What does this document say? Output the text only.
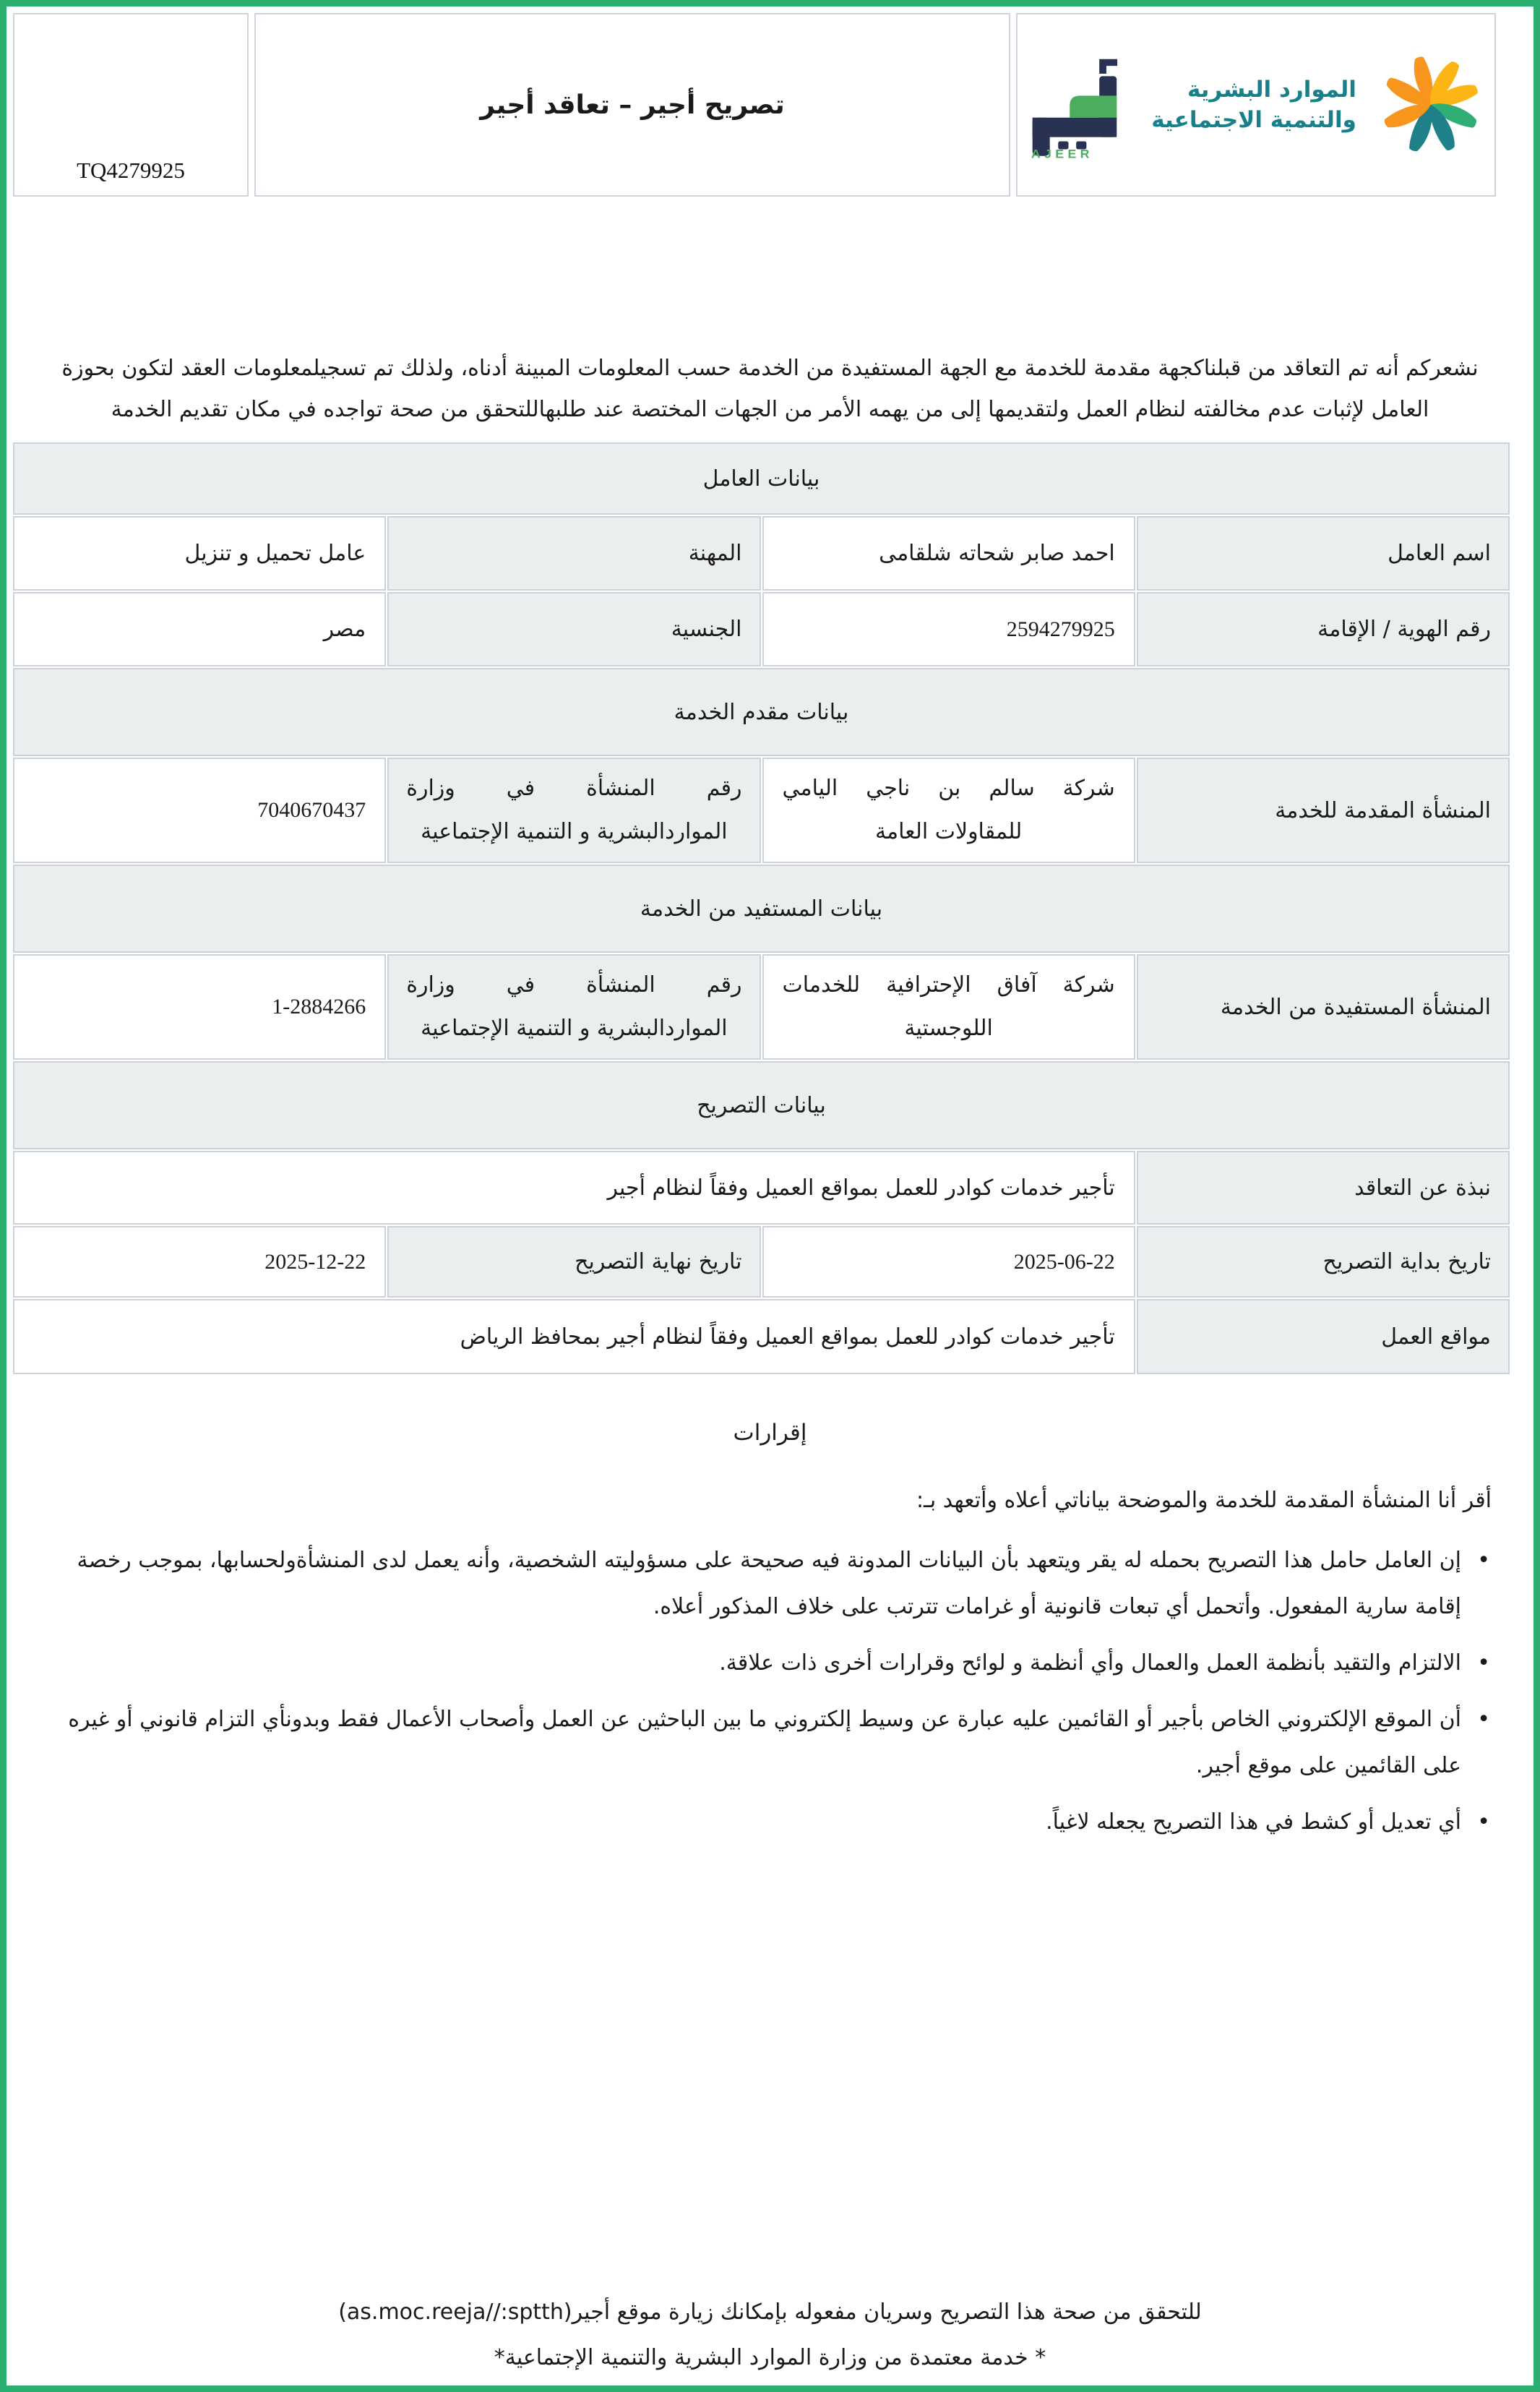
TQ4279925
تصريح أجير – تعاقد أجير
AJEER
الموارد البشرية
والتنمية الاجتماعية

نشعركم أنه تم التعاقد من قبلناكجهة مقدمة للخدمة مع الجهة المستفيدة من الخدمة حسب المعلومات المبينة أدناه، ولذلك تم تسجيلمعلومات العقد لتكون بحوزة العامل لإثبات عدم مخالفته لنظام العمل ولتقديمها إلى من يهمه الأمر من الجهات المختصة عند طلبهاللتحقق من صحة تواجده في مكان تقديم الخدمة

بيانات العامل			
اسم العامل	احمد صابر شحاته شلقامى	المهنة	عامل تحميل و تنزيل
رقم الهوية / الإقامة	2594279925	الجنسية	مصر
بيانات مقدم الخدمة			
المنشأة المقدمة للخدمة	شركة سالم بن ناجي اليامي للمقاولات العامة	رقم المنشأة في وزارة المواردالبشرية و التنمية الإجتماعية	7040670437
بيانات المستفيد من الخدمة			
المنشأة المستفيدة من الخدمة	شركة آفاق الإحترافية للخدمات اللوجستية	رقم المنشأة في وزارة المواردالبشرية و التنمية الإجتماعية	1-2884266
بيانات التصريح			
نبذة عن التعاقد	تأجير خدمات كوادر للعمل بمواقع العميل وفقاً لنظام أجير		
تاريخ بداية التصريح	2025-06-22	تاريخ نهاية التصريح	2025-12-22
مواقع العمل	تأجير خدمات كوادر للعمل بمواقع العميل وفقاً لنظام أجير بمحافظ الرياض		
إقرارات
أقر أنا المنشأة المقدمة للخدمة والموضحة بياناتي أعلاه وأتعهد بـ:
•
إن العامل حامل هذا التصريح بحمله له يقر ويتعهد بأن البيانات المدونة فيه صحيحة على مسؤوليته الشخصية، وأنه يعمل لدى المنشأةولحسابها، بموجب رخصة إقامة سارية المفعول. وأتحمل أي تبعات قانونية أو غرامات تترتب على خلاف المذكور أعلاه.
•
الالتزام والتقيد بأنظمة العمل والعمال وأي أنظمة و لوائح وقرارات أخرى ذات علاقة.
•
أن الموقع الإلكتروني الخاص بأجير أو القائمين عليه عبارة عن وسيط إلكتروني ما بين الباحثين عن العمل وأصحاب الأعمال فقط وبدونأي التزام قانوني أو غيره على القائمين على موقع أجير.
•
أي تعديل أو كشط في هذا التصريح يجعله لاغياً.
للتحقق من صحة هذا التصريح وسريان مفعوله بإمكانك زيارة موقع أجير(as.moc.reeja//:sptth)
* خدمة معتمدة من وزارة الموارد البشرية والتنمية الإجتماعية*
